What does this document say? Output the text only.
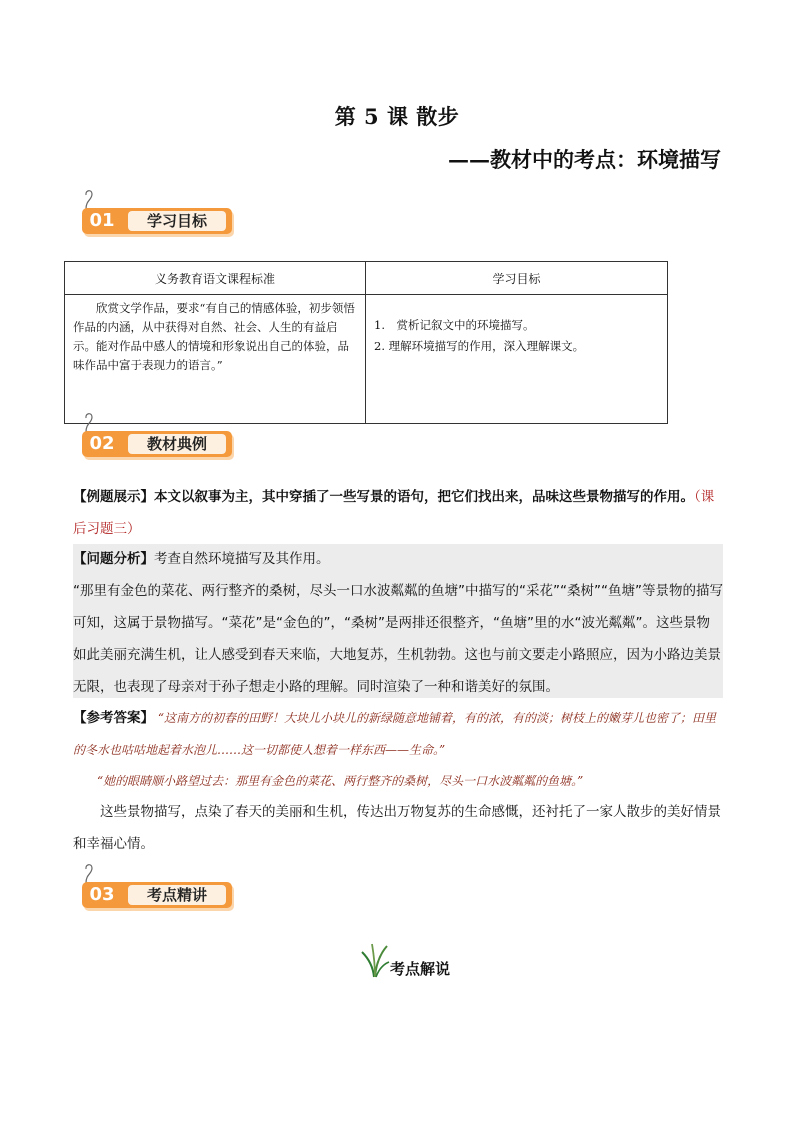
第 5 课 散步
——教材中的考点：环境描写
01	学习目标
义务教育语文课程标准	学习目标
欣赏文学作品，要求“有自己的情感体验，初步领悟作品的内涵，从中获得对自然、社会、人生的有益启示。能对作品中感人的情境和形象说出自己的体验，品味作品中富于表现力的语言。”	1.　赏析记叙文中的环境描写。
2. 理解环境描写的作用，深入理解课文。
02	教材典例
【例题展示】本文以叙事为主，其中穿插了一些写景的语句，把它们找出来，品味这些景物描写的作用。（课后习题三）
【问题分析】考查自然环境描写及其作用。
“那里有金色的菜花、两行整齐的桑树，尽头一口水波粼粼的鱼塘”中描写的“采花”“桑树”“鱼塘”等景物的描写可知，这属于景物描写。“菜花”是“金色的”，“桑树”是两排还很整齐，“鱼塘”里的水“波光粼粼”。这些景物如此美丽充满生机，让人感受到春天来临，大地复苏，生机勃勃。这也与前文要走小路照应，因为小路边美景无限，也表现了母亲对于孙子想走小路的理解。同时渲染了一种和谐美好的氛围。
【参考答案】 “这南方的初春的田野！大块儿小块儿的新绿随意地铺着，有的浓，有的淡；树枝上的嫩芽儿也密了；田里的冬水也咕咕地起着水泡儿……这一切都使人想着一样东西——生命。”
“她的眼睛顺小路望过去：那里有金色的菜花、两行整齐的桑树，尽头一口水波粼粼的鱼塘。”
这些景物描写，点染了春天的美丽和生机，传达出万物复苏的生命感慨，还衬托了一家人散步的美好情景和幸福心情。
03	考点精讲
考点解说
